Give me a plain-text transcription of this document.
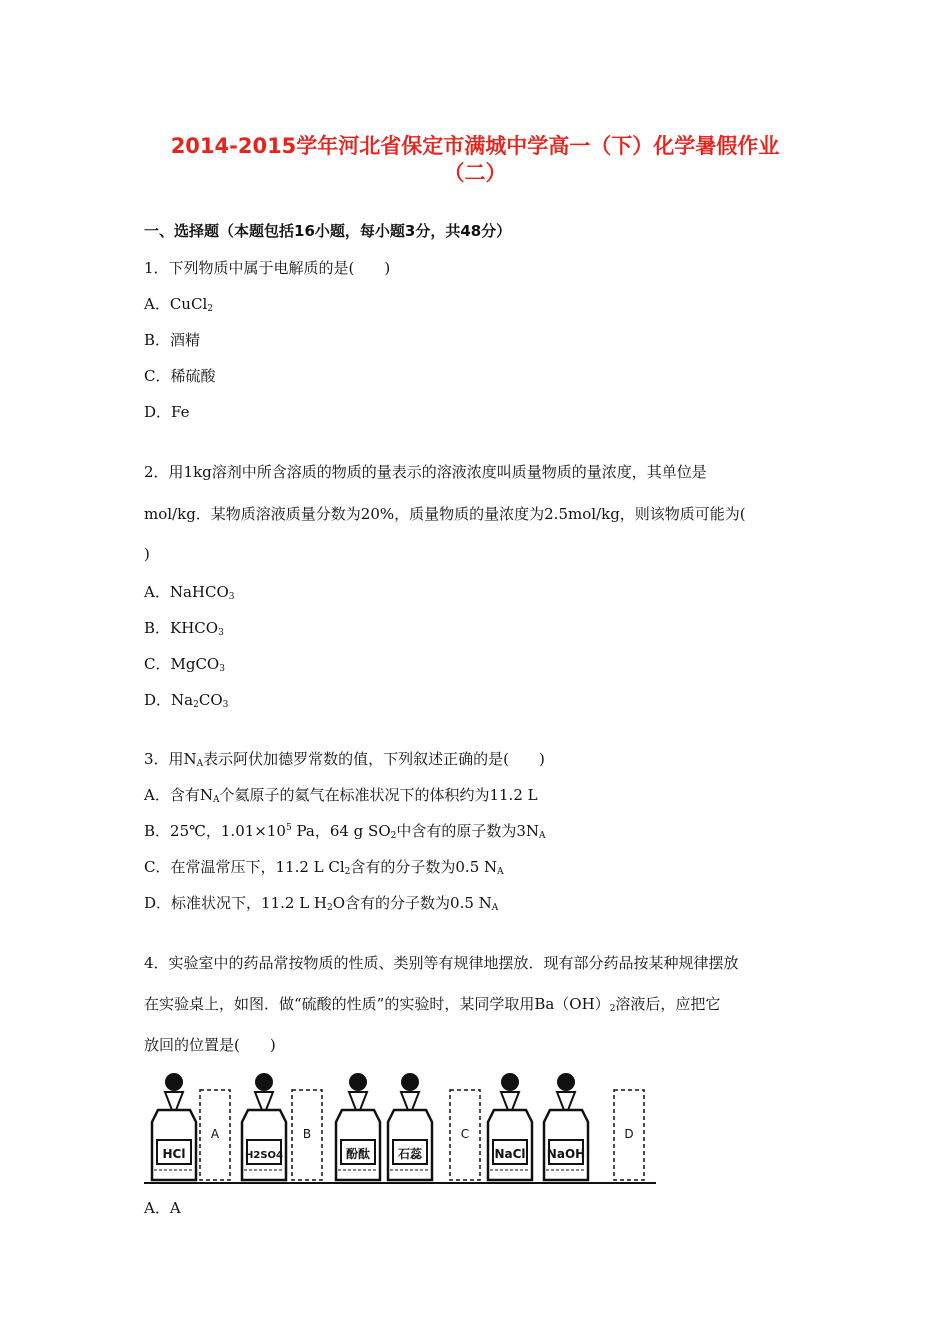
2014-2015学年河北省保定市满城中学高一（下）化学暑假作业
（二）
一、选择题（本题包括16小题，每小题3分，共48分）
1．下列物质中属于电解质的是(　　)
A．CuCl$_2$
B．酒精
C．稀硫酸
D．Fe
2．用1kg溶剂中所含溶质的物质的量表示的溶液浓度叫质量物质的量浓度，其单位是
mol/kg．某物质溶液质量分数为20%，质量物质的量浓度为2.5mol/kg，则该物质可能为(
)
A．NaHCO$_3$
B．$KHCO_3$
C．MgCO$_3$
D．$Na_2CO_3$
3．用$N_A$表示阿伏加德罗常数的值，下列叙述正确的是(　　)
A．含有$N_A$个氦原子的氦气在标准状况下的体积约为11.2 L
B．25℃，$1.01\times 10^5$ Pa，64 g $SO_2$中含有的原子数为$3N_A$
C．在常温常压下，11.2 L $Cl_2$含有的分子数为0.5 $N_A$
D．标准状况下，11.2 L $H_2O$含有的分子数为0.5 $N_A$
4．实验室中的药品常按物质的性质、类别等有规律地摆放．现有部分药品按某种规律摆放
在实验桌上，如图．做“硫酸的性质”的实验时，某同学取用$Ba(OH)_2$溶液后，应把它
放回的位置是(　　)
HCl
A
H2SO4
B
酚酞 石蕊
C
NaCl NaOH
D
A．A
